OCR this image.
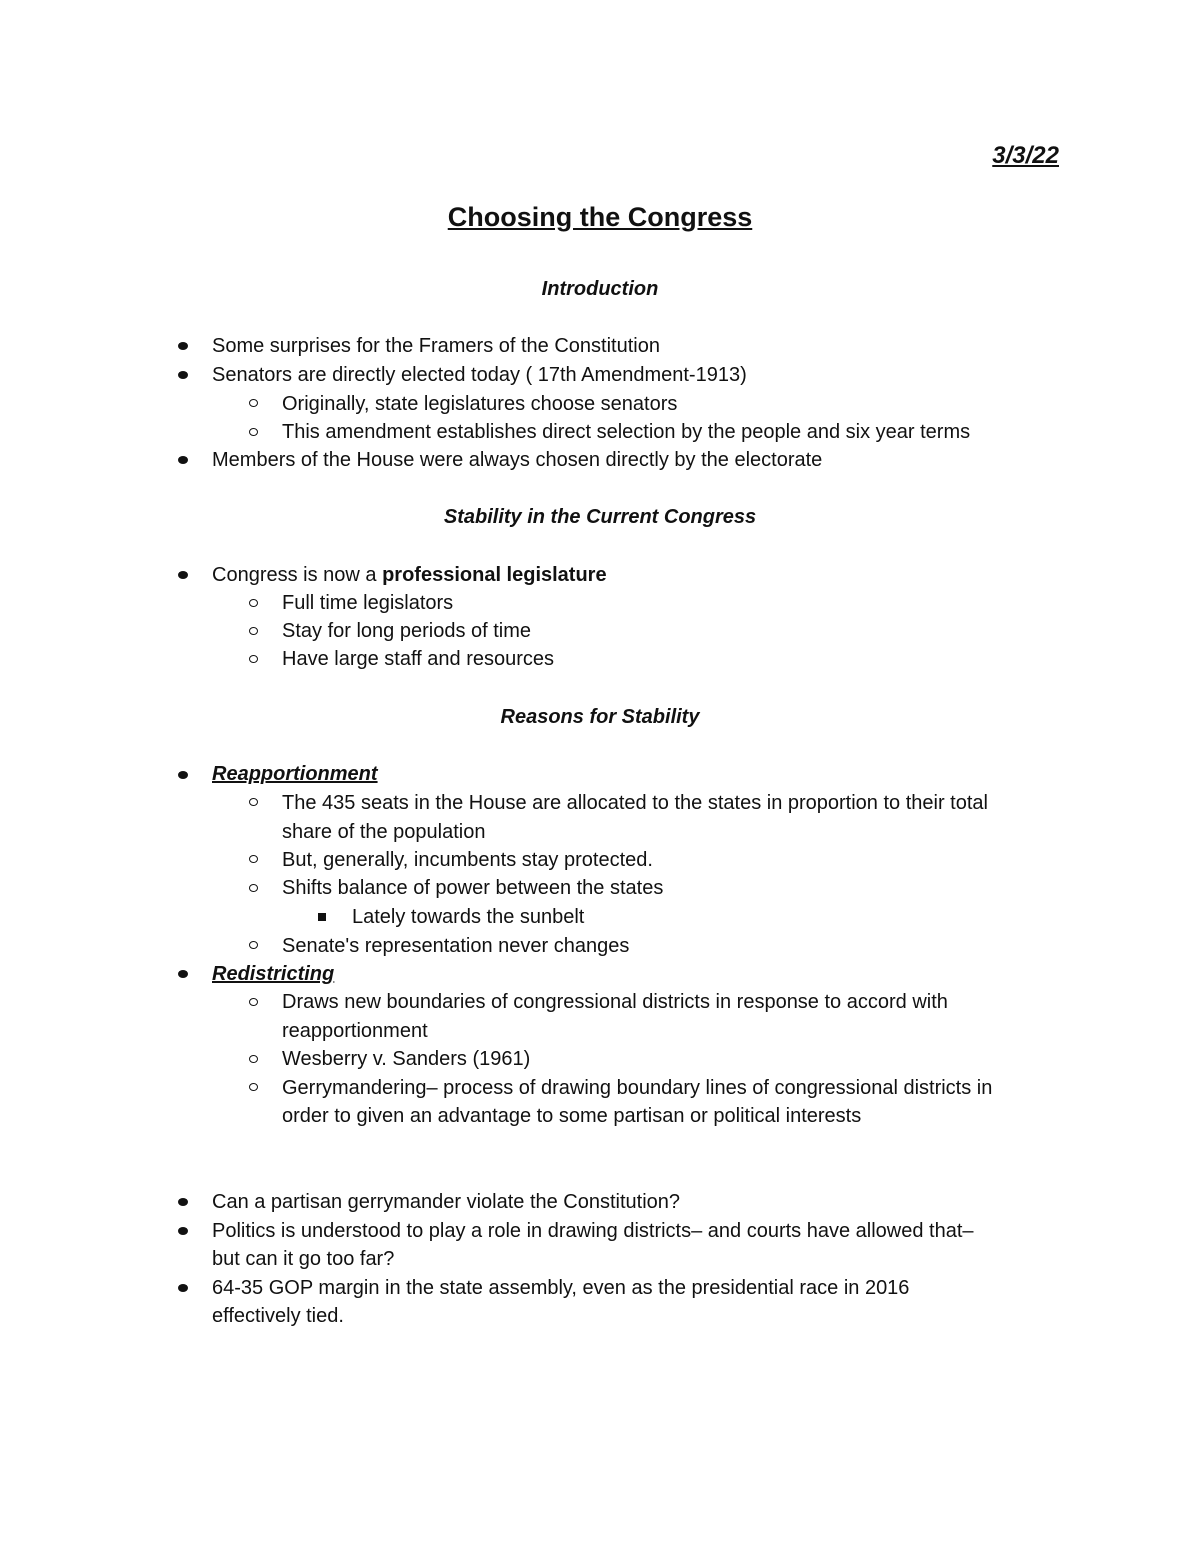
3/3/22
Choosing the Congress
Introduction
Some surprises for the Framers of the Constitution
Senators are directly elected today ( 17th Amendment-1913)
Originally, state legislatures choose senators
This amendment establishes direct selection by the people and six year terms
Members of the House were always chosen directly by the electorate
Stability in the Current Congress
Congress is now a professional legislature
Full time legislators
Stay for long periods of time
Have large staff and resources
Reasons for Stability
Reapportionment
The 435 seats in the House are allocated to the states in proportion to their total
share of the population
But, generally, incumbents stay protected.
Shifts balance of power between the states
Lately towards the sunbelt
Senate's representation never changes
Redistricting
Draws new boundaries of congressional districts in response to accord with
reapportionment
Wesberry v. Sanders (1961)
Gerrymandering– process of drawing boundary lines of congressional districts in
order to given an advantage to some partisan or political interests
Can a partisan gerrymander violate the Constitution?
Politics is understood to play a role in drawing districts– and courts have allowed that–
but can it go too far?
64-35 GOP margin in the state assembly, even as the presidential race in 2016
effectively tied.
